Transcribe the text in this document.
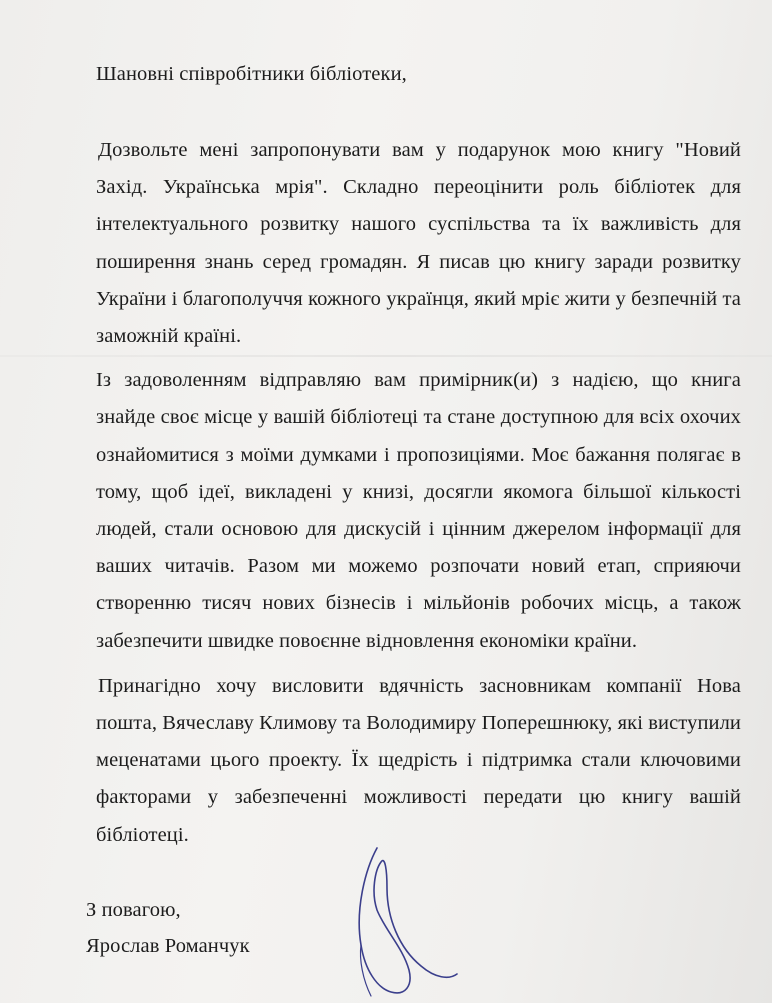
Шановні співробітники бібліотеки,

Дозвольте мені запропонувати вам у подарунок мою книгу "Новий Захід. Українська мрія". Складно переоцінити роль бібліотек для інтелектуального розвитку нашого суспільства та їх важливість для поширення знань серед громадян. Я писав цю книгу заради розвитку України і благополуччя кожного українця, який мріє жити у безпечній та заможній країні.

Із задоволенням відправляю вам примірник(и) з надією, що книга знайде своє місце у вашій бібліотеці та стане доступною для всіх охочих ознайомитися з моїми думками і пропозиціями. Моє бажання полягає в тому, щоб ідеї, викладені у книзі, досягли якомога більшої кількості людей, стали основою для дискусій і цінним джерелом інформації для ваших читачів. Разом ми можемо розпочати новий етап, сприяючи створенню тисяч нових бізнесів і мільйонів робочих місць, а також забезпечити швидке повоєнне відновлення економіки країни.

Принагідно хочу висловити вдячність засновникам компанії Нова пошта, Вячеславу Климову та Володимиру Поперешнюку, які виступили меценатами цього проекту. Їх щедрість і підтримка стали ключовими факторами у забезпеченні можливості передати цю книгу вашій бібліотеці.

З повагою,
Ярослав Романчук
